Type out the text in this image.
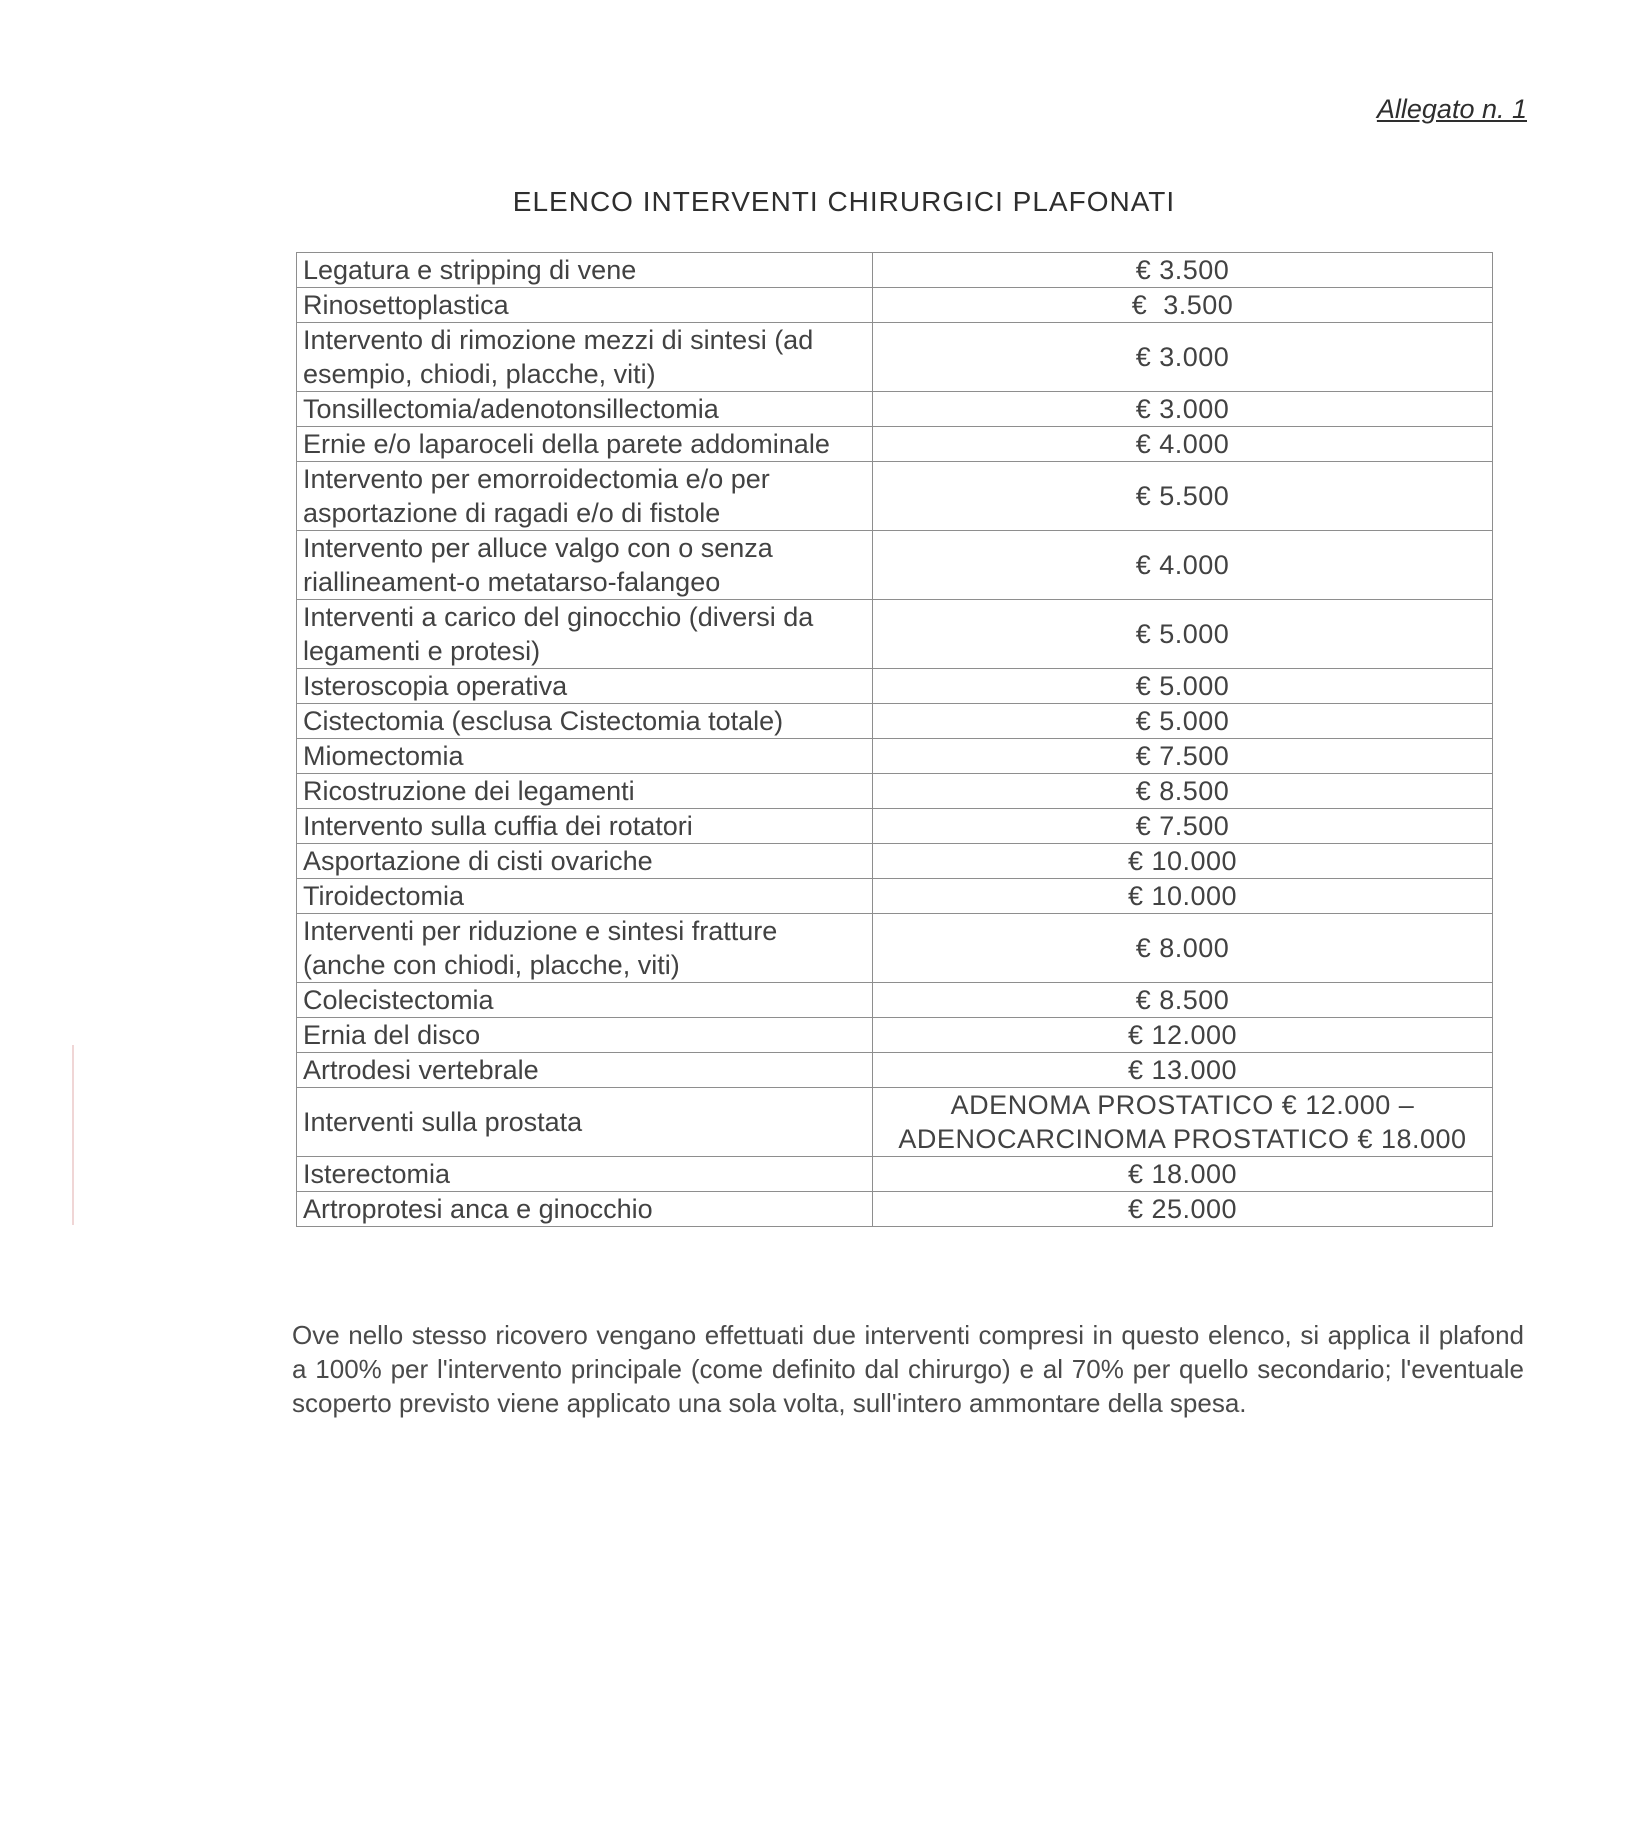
Allegato n. 1
ELENCO INTERVENTI CHIRURGICI PLAFONATI
Legatura e stripping di vene	€ 3.500
Rinosettoplastica	€  3.500
Intervento di rimozione mezzi di sintesi (ad esempio, chiodi, placche, viti)	€ 3.000
Tonsillectomia/adenotonsillectomia	€ 3.000
Ernie e/o laparoceli della parete addominale	€ 4.000
Intervento per emorroidectomia e/o per asportazione di ragadi e/o di fistole	€ 5.500
Intervento per alluce valgo con o senza riallineament-o metatarso-falangeo	€ 4.000
Interventi a carico del ginocchio (diversi da legamenti e protesi)	€ 5.000
Isteroscopia operativa	€ 5.000
Cistectomia (esclusa Cistectomia totale)	€ 5.000
Miomectomia	€ 7.500
Ricostruzione dei legamenti	€ 8.500
Intervento sulla cuffia dei rotatori	€ 7.500
Asportazione di cisti ovariche	€ 10.000
Tiroidectomia	€ 10.000
Interventi per riduzione e sintesi fratture (anche con chiodi, placche, viti)	€ 8.000
Colecistectomia	€ 8.500
Ernia del disco	€ 12.000
Artrodesi vertebrale	€ 13.000
Interventi sulla prostata	ADENOMA PROSTATICO € 12.000 – ADENOCARCINOMA PROSTATICO € 18.000
Isterectomia	€ 18.000
Artroprotesi anca e ginocchio	€ 25.000
Ove nello stesso ricovero vengano effettuati due interventi compresi in questo elenco, si applica il plafond a 100% per l'intervento principale (come definito dal chirurgo) e al 70% per quello secondario; l'eventuale scoperto previsto viene applicato una sola volta, sull'intero ammontare della spesa.
